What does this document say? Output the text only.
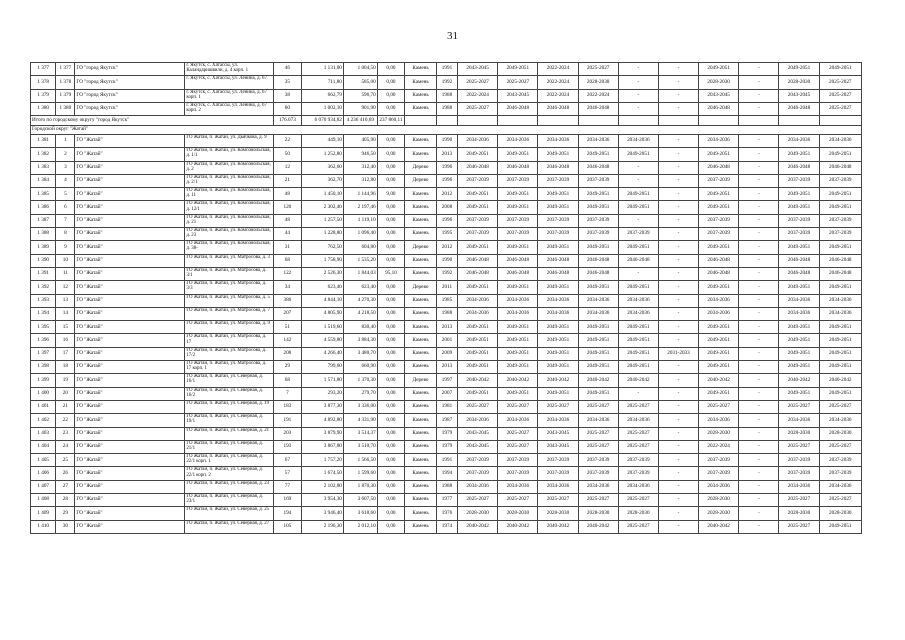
31
1 377	1 377	ГО "город Якутск"	г. Якутск, с. Хатассы, ул. Каландаришвили, д. 4 корп. 1	46	1 131,00	1 004,50	0,00	Камень	1991	2043-2045	2049-2051	2022-2024	2025-2027	-	-	2049-2051	-	2049-2051	2049-2051
1 378	1 378	ГО "город Якутск"	г. Якутск, с. Хатассы, ул. Ленина, д. 67	35	711,80	585,00	0,00	Камень	1992	2025-2027	2025-2027	2022-2024	2028-2030	-	-	2028-2030	-	2028-2030	2025-2027
1 379	1 379	ГО "город Якутск"	г. Якутск, с. Хатассы, ул. Ленина, д. 67 корп. 1	38	662,79	596,70	0,00	Камень	1988	2022-2024	2043-2045	2022-2024	2022-2024	-	-	2043-2045	-	2043-2045	2025-2027
1 380	1 380	ГО "город Якутск"	г. Якутск, с. Хатассы, ул. Ленина, д. 67 корп. 2	60	1 002,10	901,90	0,00	Камень	1988	2025-2027	2046-2048	2046-2048	2046-2048	-	-	2046-2048	-	2046-2048	2025-2027
Итого по городскому округу "город Якутск"				176.073	6 070 934,82	4 236 410,69	237 860,11												
Городской округ "Жатай"																			
1 381	1	ГО "Жатай"	ГО Жатай, п. Жатай, ул. Дьячкова, д. 9	22	449,10	405,90	0,00	Камень	1990	2034-2036	2034-2036	2034-2036	2034-2036	2034-2036	-	2034-2036	-	2034-2036	2034-2036
1 382	2	ГО "Жатай"	ГО Жатай, п. Жатай, ул. Комсомольская, д. 1/1	50	1 252,80	946,50	0,00	Камень	2013	2049-2051	2049-2051	2049-2051	2049-2051	2049-2051	-	2049-2051	-	2049-2051	2049-2051
1 383	3	ГО "Жатай"	ГО Жатай, п. Жатай, ул. Комсомольская, д. 2	12	362,60	312,40	0,00	Дерево	1996	2046-2048	2046-2048	2046-2048	2046-2048	-	-	2046-2048	-	2046-2048	2046-2048
1 384	4	ГО "Жатай"	ГО Жатай, п. Жатай, ул. Комсомольская, д. 2/1	21	362,70	312,80	0,00	Дерево	1996	2037-2039	2037-2039	2037-2039	2037-2039	-	-	2037-2039	-	2037-2039	2037-2039
1 385	5	ГО "Жатай"	ГО Жатай, п. Жатай, ул. Комсомольская, д. 11	48	1 450,10	1 144,96	9,00	Камень	2012	2049-2051	2049-2051	2049-2051	2049-2051	2049-2051	-	2049-2051	-	2049-2051	2049-2051
1 386	6	ГО "Жатай"	ГО Жатай, п. Жатай, ул. Комсомольская, д. 12/1	120	2 302,40	2 197,46	0,00	Камень	2008	2049-2051	2049-2051	2049-2051	2049-2051	2049-2051	-	2049-2051	-	2049-2051	2049-2051
1 387	7	ГО "Жатай"	ГО Жатай, п. Жатай, ул. Комсомольская, д. 21	48	1 257,50	1 119,10	0,00	Камень	1996	2037-2039	2037-2039	2037-2039	2037-2039	-	-	2037-2039	-	2037-2039	2037-2039
1 388	8	ГО "Жатай"	ГО Жатай, п. Жатай, ул. Комсомольская, д. 23	44	1 228,80	1 096,40	0,00	Камень	1995	2037-2039	2037-2039	2037-2039	2037-2039	2037-2039	-	2037-2039	-	2037-2039	2037-2039
1 389	9	ГО "Жатай"	ГО Жатай, п. Жатай, ул. Комсомольская, д. 38-	31	762,50	604,80	0,00	Дерево	2012	2049-2051	2049-2051	2049-2051	2049-2051	2049-2051	-	2049-2051	-	2049-2051	2049-2051
1 390	10	ГО "Жатай"	ГО Жатай, п. Жатай, ул. Матросова, д. 3	68	1 758,90	1 535,20	0,00	Камень	1990	2046-2048	2046-2048	2046-2048	2046-2048	2046-2048	-	2046-2048	-	2046-2048	2046-2048
1 391	11	ГО "Жатай"	ГО Жатай, п. Жатай, ул. Матросова, д. 3/1	122	2 526,30	1 844,03	95,10	Камень	1992	2046-2048	2046-2048	2046-2048	2046-2048	-	-	2046-2048	-	2046-2048	2046-2048
1 392	12	ГО "Жатай"	ГО Жатай, п. Жатай, ул. Матросова, д. 3/3	34	623,40	623,40	0,00	Дерево	2011	2049-2051	2049-2051	2049-2051	2049-2051	2049-2051	-	2049-2051	-	2049-2051	2049-2051
1 393	13	ГО "Жатай"	ГО Жатай, п. Жатай, ул. Матросова, д. 5	386	4 844,10	4 270,30	0,00	Камень	1985	2034-2036	2034-2036	2034-2036	2034-2036	2034-2036	-	2034-2036	-	2034-2036	2034-2036
1 394	14	ГО "Жатай"	ГО Жатай, п. Жатай, ул. Матросова, д. 7	207	4 805,90	4 218,50	0,00	Камень	1988	2034-2036	2034-2036	2034-2036	2034-2036	2034-2036	-	2034-2036	-	2034-2036	2034-2036
1 395	15	ГО "Жатай"	ГО Жатай, п. Жатай, ул. Матросова, д. 9	51	1 519,60	830,40	0,00	Камень	2013	2049-2051	2049-2051	2049-2051	2049-2051	2049-2051	-	2049-2051	-	2049-2051	2049-2051
1 396	16	ГО "Жатай"	ГО Жатай, п. Жатай, ул. Матросова, д. 17	142	4 559,80	3 884,30	0,00	Камень	2001	2049-2051	2049-2051	2049-2051	2049-2051	2049-2051	-	2049-2051	-	2049-2051	2049-2051
1 397	17	ГО "Жатай"	ГО Жатай, п. Жатай, ул. Матросова, д. 17/2	208	4 266,40	3 480,70	0,00	Камень	2009	2049-2051	2049-2051	2049-2051	2049-2051	2049-2051	2031-2033	2049-2051	-	2049-2051	2049-2051
1 398	18	ГО "Жатай"	ГО Жатай, п. Жатай, ул. Матросова, д. 17 корп. 1	29	799,60	660,90	0,00	Камень	2013	2049-2051	2049-2051	2049-2051	2049-2051	2049-2051	-	2049-2051	-	2049-2051	2049-2051
1 399	19	ГО "Жатай"	ГО Жатай, п. Жатай, ул. Северная, д. 16/1	68	1 571,80	1 370,30	0,00	Дерево	1997	2040-2042	2040-2042	2040-2042	2040-2042	2040-2042	-	2040-2042	-	2040-2042	2040-2042
1 400	20	ГО "Жатай"	ГО Жатай, п. Жатай, ул. Северная, д. 16/2	7	293,20	279,70	0,00	Камень	2007	2049-2051	2049-2051	2049-2051	2049-2051	-	-	2049-2051	-	2049-2051	2049-2051
1 401	21	ГО "Жатай"	ГО Жатай, п. Жатай, ул. Северная, д. 19	183	3 877,30	3 336,00	0,00	Камень	1981	2025-2027	2025-2027	2025-2027	2025-2027	2025-2027	-	2025-2027	-	2025-2027	2025-2027
1 402	22	ГО "Жатай"	ГО Жатай, п. Жатай, ул. Северная, д. 19/1	191	4 892,80	4 331,90	0,00	Камень	1987	2034-2036	2034-2036	2034-2036	2034-2036	2034-2036	-	2034-2036	-	2034-2036	2034-2036
1 403	23	ГО "Жатай"	ГО Жатай, п. Жатай, ул. Северная, д. 21	203	3 879,90	3 514,37	0,00	Камень	1979	2043-2045	2025-2027	2043-2045	2025-2027	2025-2027	-	2028-2030	-	2028-2030	2028-2030
1 404	24	ГО "Жатай"	ГО Жатай, п. Жатай, ул. Северная, д. 21/1	193	3 867,80	3 510,70	0,00	Камень	1979	2043-2045	2025-2027	2043-2045	2025-2027	2025-2027	-	2022-2024	-	2025-2027	2025-2027
1 405	25	ГО "Жатай"	ГО Жатай, п. Жатай, ул. Северная, д. 22/1 корп. 1	67	1 757,20	1 566,50	0,00	Камень	1991	2037-2039	2037-2039	2037-2039	2037-2039	2037-2039	-	2037-2039	-	2037-2039	2037-2039
1 406	26	ГО "Жатай"	ГО Жатай, п. Жатай, ул. Северная, д. 22/1 корп. 2	57	1 674,50	1 599,60	0,00	Камень	1994	2037-2039	2037-2039	2037-2039	2037-2039	2037-2039	-	2037-2039	-	2037-2039	2037-2039
1 407	27	ГО "Жатай"	ГО Жатай, п. Жатай, ул. Северная, д. 23	77	2 102,80	1 870,30	0,00	Камень	1988	2034-2036	2034-2036	2034-2036	2034-2036	2034-2036	-	2034-2036	-	2034-2036	2034-2036
1 408	28	ГО "Жатай"	ГО Жатай, п. Жатай, ул. Северная, д. 23/1	169	3 954,30	3 607,50	0,00	Камень	1977	2025-2027	2025-2027	2025-2027	2025-2027	2025-2027	-	2028-2030	-	2025-2027	2025-2027
1 409	29	ГО "Жатай"	ГО Жатай, п. Жатай, ул. Северная, д. 25	194	3 946,40	3 618,60	0,00	Камень	1976	2028-2030	2028-2030	2028-2030	2028-2030	2028-2030	-	2028-2030	-	2028-2030	2028-2030
1 410	30	ГО "Жатай"	ГО Жатай, п. Жатай, ул. Северная, д. 27	105	2 196,30	2 012,10	0,00	Камень	1974	2040-2042	2040-2042	2040-2042	2040-2042	2025-2027	-	2040-2042	-	2025-2027	2049-2051
